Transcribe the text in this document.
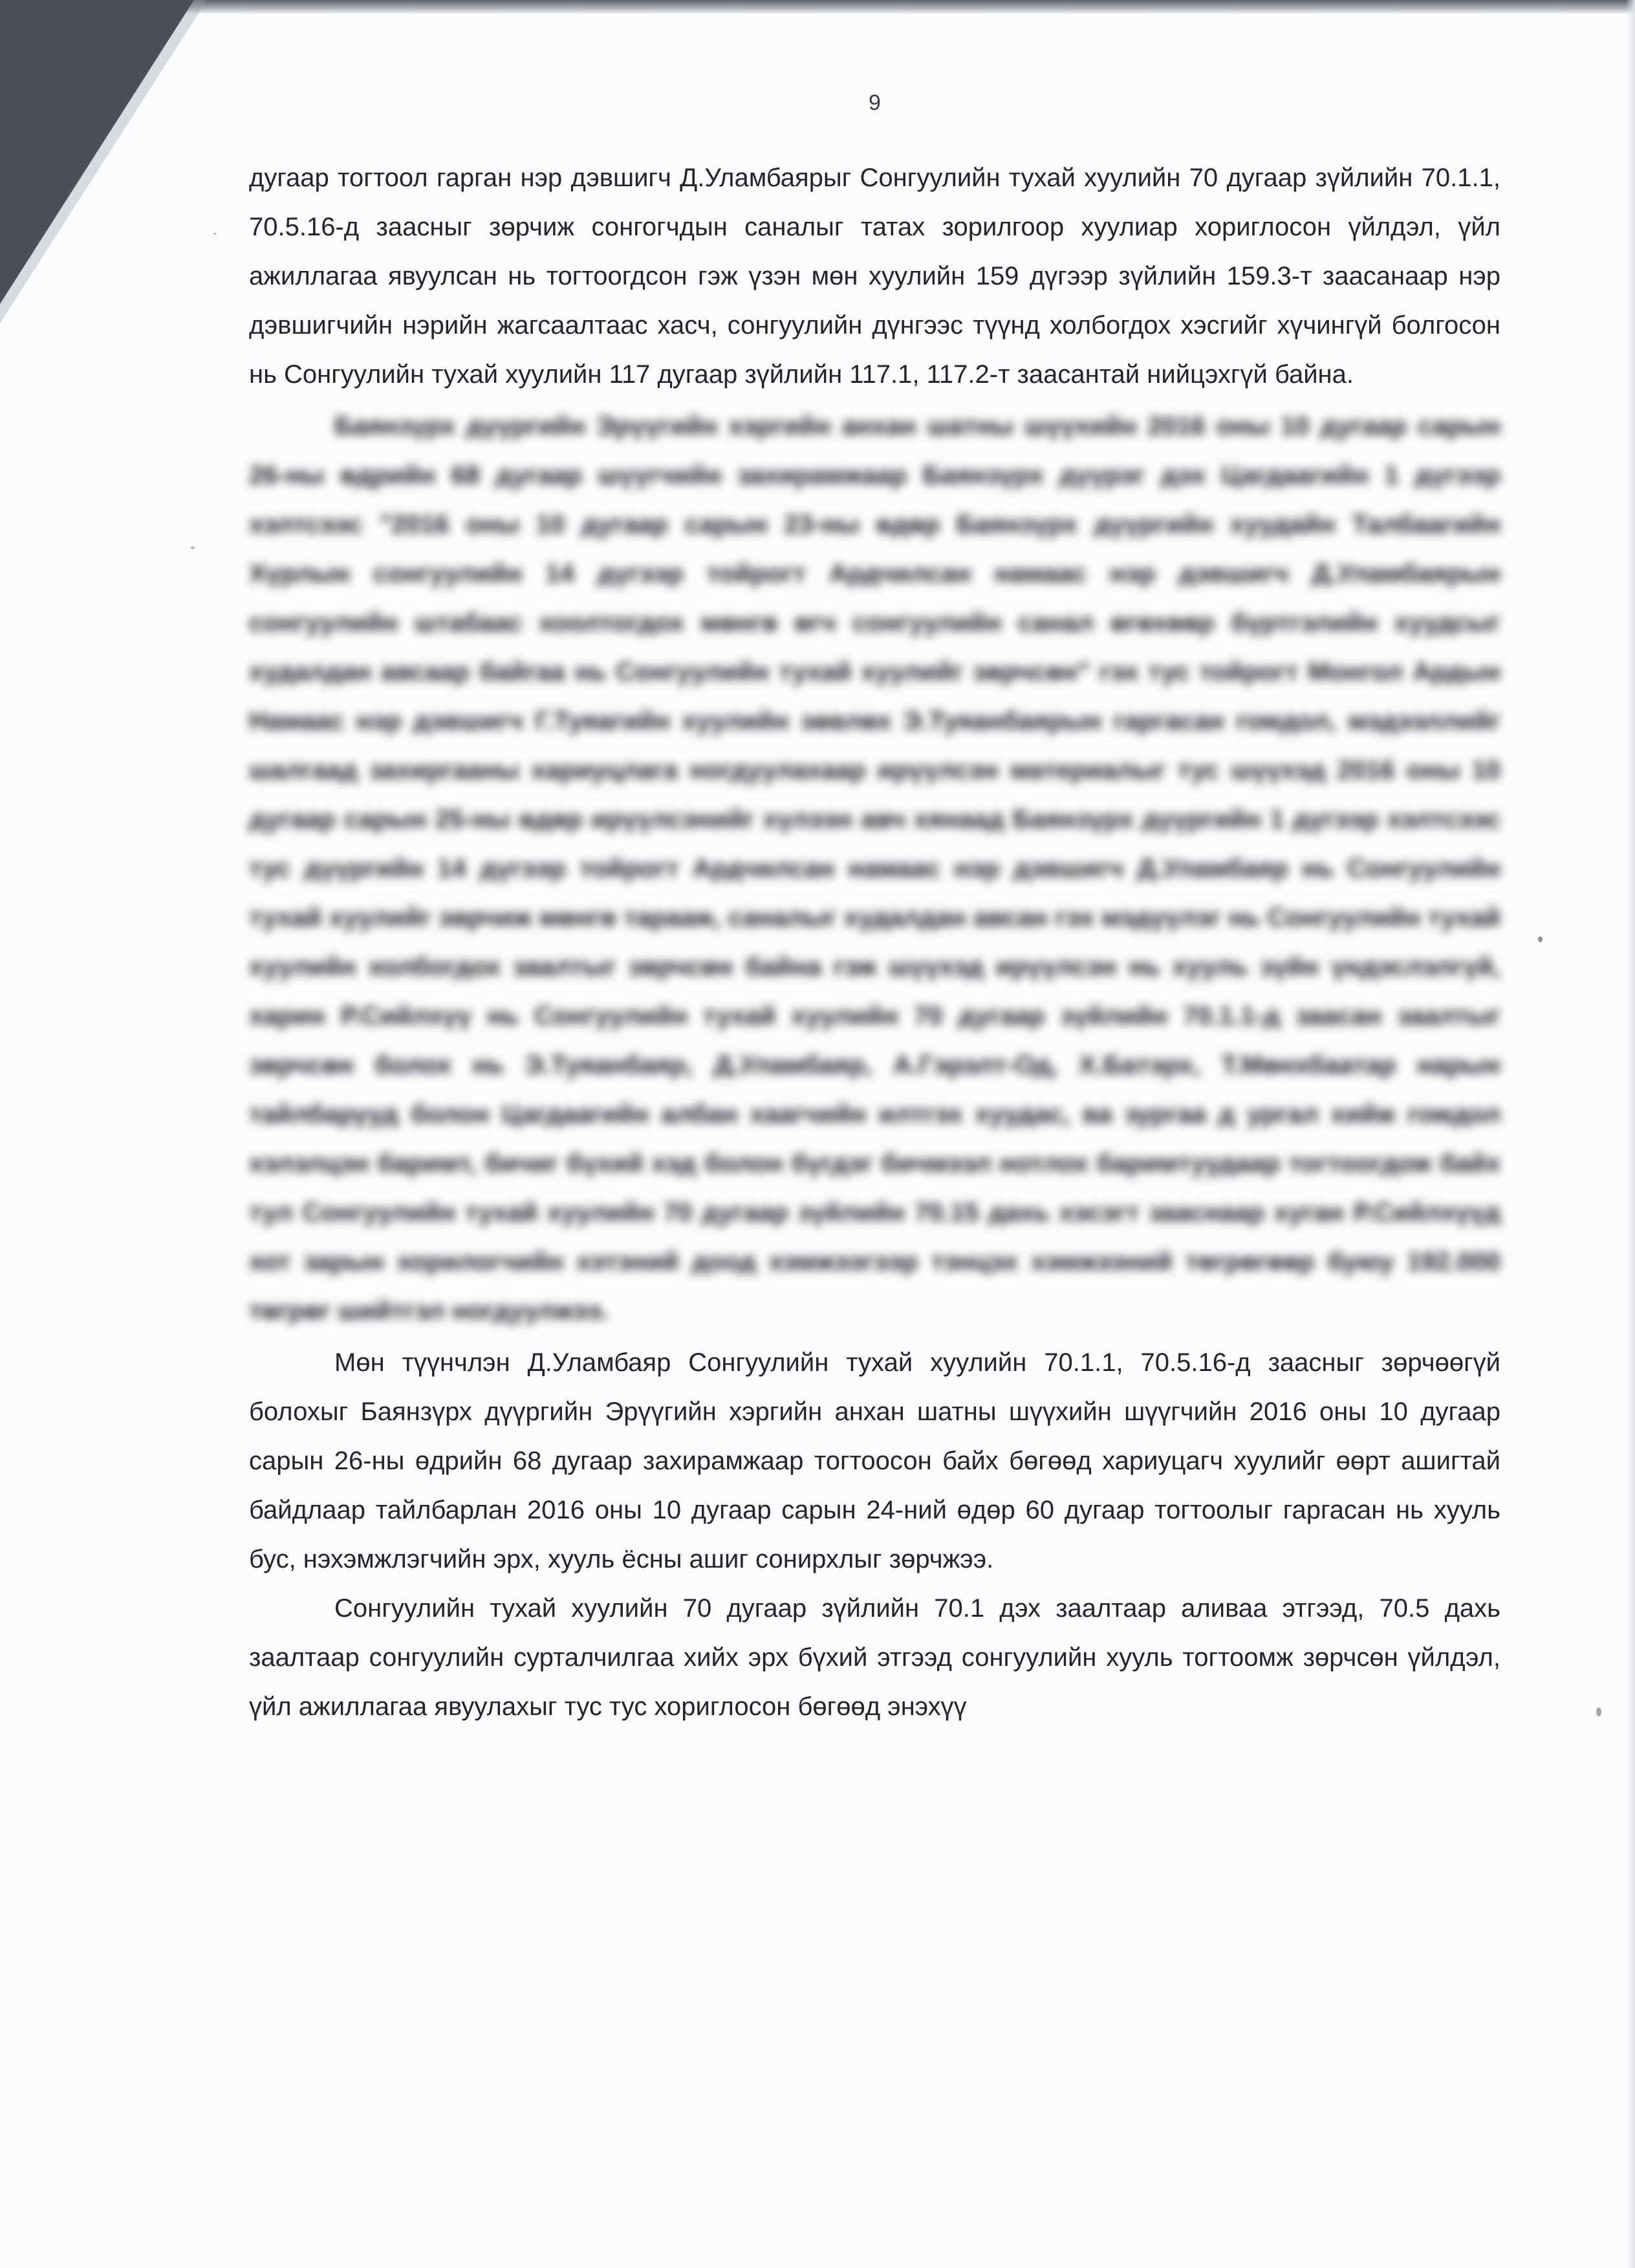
9

дугаар тогтоол гарган нэр дэвшигч Д.Уламбаярыг Сонгуулийн тухай хуулийн 70 дугаар зүйлийн 70.1.1, 70.5.16-д заасныг зөрчиж сонгогчдын саналыг татах зорилгоор хуулиар хориглосон үйлдэл, үйл ажиллагаа явуулсан нь тогтоогдсон гэж үзэн мөн хуулийн 159 дүгээр зүйлийн 159.3-т заасанаар нэр дэвшигчийн нэрийн жагсаалтаас хасч, сонгуулийн дүнгээс түүнд холбогдох хэсгийг хүчингүй болгосон нь Сонгуулийн тухай хуулийн 117 дугаар зүйлийн 117.1, 117.2-т заасантай нийцэхгүй байна.

Баянзүрх дүүргийн Эрүүгийн хэргийн анхан шатны шүүхийн 2016 оны 10 дугаар сарын 26-ны өдрийн 68 дугаар шүүгчийн захирамжаар Баянзүрх дүүрэг дэх Цагдаагийн 1 дүгээр хэлтсээс "2016 оны 10 дугаар сарын 23-ны өдөр Баянзүрх дүүргийн хуудайн Талбаагийн Хүрлын сонгуулийн 14 дүгээр тойрогт Ардчилсан намаас нэр дэвшигч Д.Уламбаярын сонгуулийн штабаас хоолтогдох мөнгө өгч сонгуулийн санал өгөхөөр бүртгэлийн хуудсыг худалдан авсаар байгаа нь Сонгуулийн тухай хуулийг зөрчсөн" гэх тус тойрогт Монгол Ардын Намаас нэр дэвшигч Г.Туяагийн хуулийн зөвлөх Э.Туяанбаярын гаргасан гомдол, мэдээллийг шалгаад захиргааны хариуцлага ногдуулахаар ирүүлсэн материалыг тус шүүхэд 2016 оны 10 дугаар сарын 25-ны өдөр ирүүлсэнийг хүлээн авч хянаад Баянзүрх дүүргийн 1 дүгээр хэлтсээс тус дүүргийн 14 дүгээр тойрогт Ардчилсан намаас нэр дэвшигч Д.Уламбаяр нь Сонгуулийн тухай хуулийг зөрчиж мөнгө тарааж, саналыг худалдан авсан гэх мэдүүлэг нь Сонгуулийн тухай хуулийн холбогдох заалтыг зөрчсөн байна гэж шүүхэд ирүүлсэн нь хууль зүйн үндэслэлгүй, харин Р.Сийлхүү нь Сонгуулийн тухай хуулийн 70 дугаар зүйлийн 70.1.1-д заасан заалтыг зөрчсөн болох нь Э.Туяанбаяр, Д.Уламбаяр, А.Гэрэлт-Од, Х.Батэрх, Т.Мөнхбаатар нарын тайлбарууд болон Цагдаагийн албан хаагчийн илтгэх хуудас, ва зургаа д ургал хийж гомдол хэлэлцэн баримт, бичиг бүхий хэд болон бүгдэг бичмээл нотлох баримтуудаар тогтоогдож байх тул Сонгуулийн тухай хуулийн 70 дугаар зүйлийн 70.15 дахь хэсэгт зааснаар хуган Р.Сийлхүүд хот зарын хорилогчийн хэтэний доод хэмжээгээр тэнцэх хэмжээний төгрөгөөр буюу 192.000 төгрөг шийтгэл ногдуулжээ.

Мөн түүнчлэн Д.Уламбаяр Сонгуулийн тухай хуулийн 70.1.1, 70.5.16-д заасныг зөрчөөгүй болохыг Баянзүрх дүүргийн Эрүүгийн хэргийн анхан шатны шүүхийн шүүгчийн 2016 оны 10 дугаар сарын 26-ны өдрийн 68 дугаар захирамжаар тогтоосон байх бөгөөд хариуцагч хуулийг өөрт ашигтай байдлаар тайлбарлан 2016 оны 10 дугаар сарын 24-ний өдөр 60 дугаар тогтоолыг гаргасан нь хууль бус, нэхэмжлэгчийн эрх, хууль ёсны ашиг сонирхлыг зөрчжээ.

Сонгуулийн тухай хуулийн 70 дугаар зүйлийн 70.1 дэх заалтаар аливаа этгээд, 70.5 дахь заалтаар сонгуулийн сурталчилгаа хийх эрх бүхий этгээд сонгуулийн хууль тогтоомж зөрчсөн үйлдэл, үйл ажиллагаа явуулахыг тус тус хориглосон бөгөөд энэхүү
